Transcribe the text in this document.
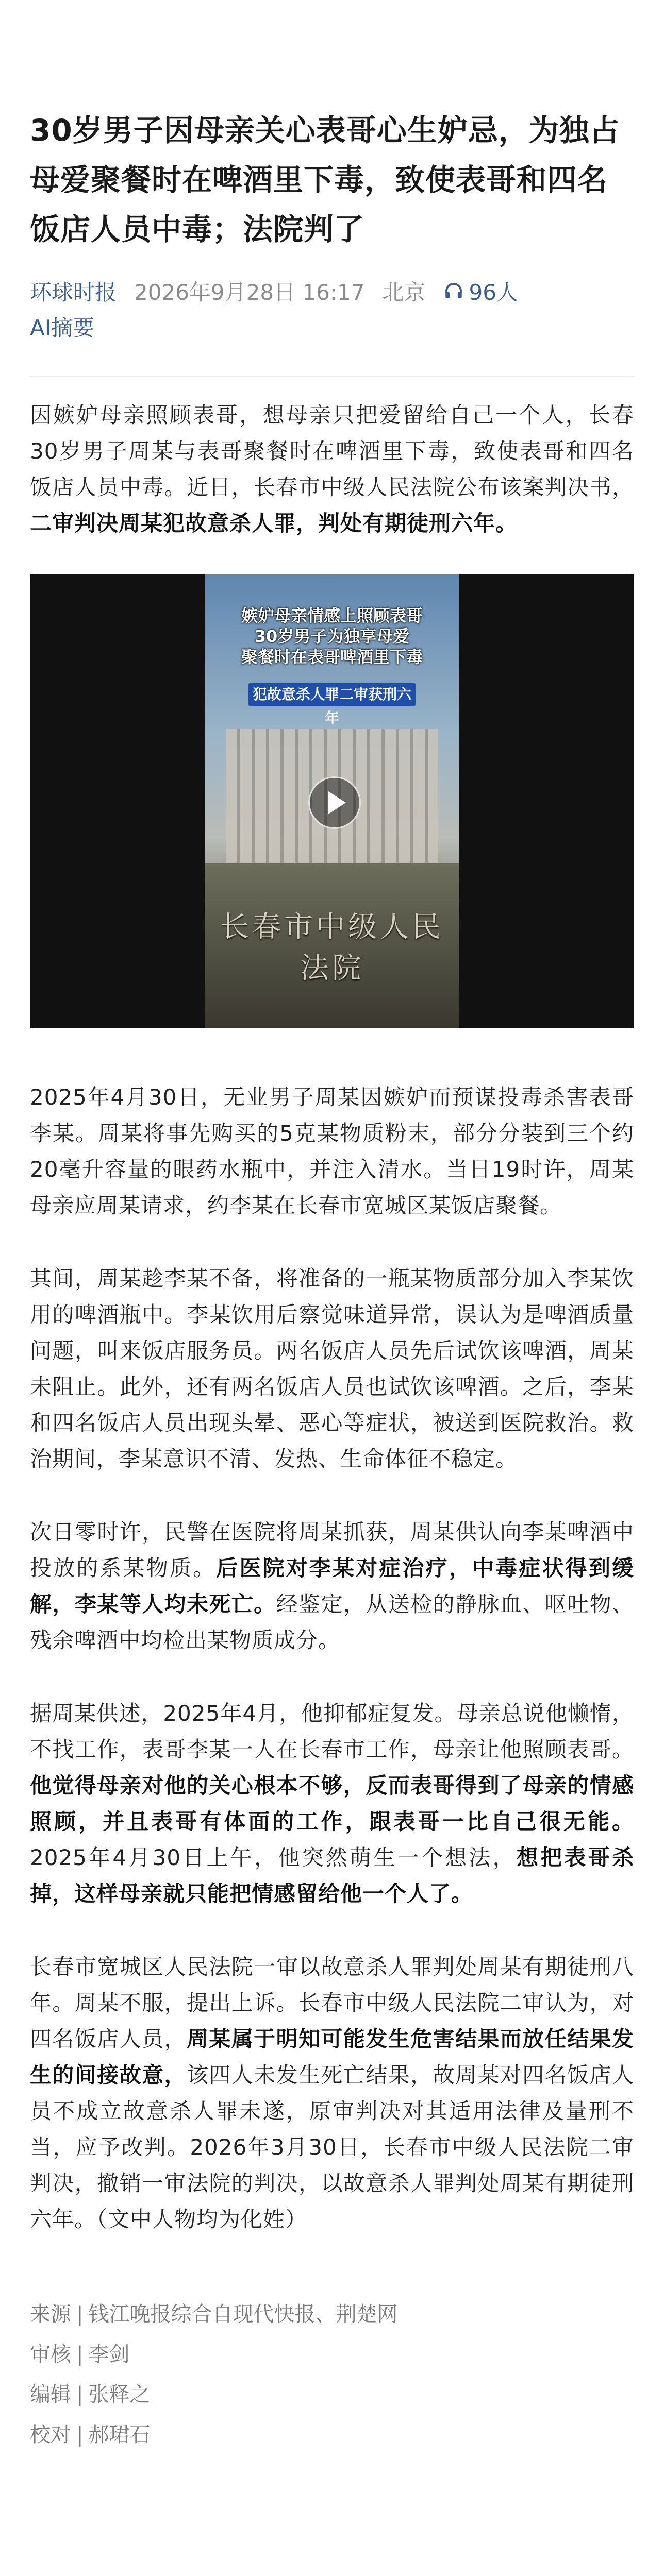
30岁男子因母亲关心表哥心生妒忌，为独占母爱聚餐时在啤酒里下毒，致使表哥和四名饭店人员中毒；法院判了
环球时报 2026年9月28日 16:17 北京 96人
AI摘要

因嫉妒母亲照顾表哥，想母亲只把爱留给自己一个人，长春30岁男子周某与表哥聚餐时在啤酒里下毒，致使表哥和四名饭店人员中毒。近日，长春市中级人民法院公布该案判决书，二审判决周某犯故意杀人罪，判处有期徒刑六年。

长春市中级人民法院
嫉妒母亲情感上照顾表哥
30岁男子为独享母爱
聚餐时在表哥啤酒里下毒
犯故意杀人罪二审获刑六年

2025年4月30日，无业男子周某因嫉妒而预谋投毒杀害表哥李某。周某将事先购买的5克某物质粉末，部分分装到三个约20毫升容量的眼药水瓶中，并注入清水。当日19时许，周某母亲应周某请求，约李某在长春市宽城区某饭店聚餐。

其间，周某趁李某不备，将准备的一瓶某物质部分加入李某饮用的啤酒瓶中。李某饮用后察觉味道异常，误认为是啤酒质量问题，叫来饭店服务员。两名饭店人员先后试饮该啤酒，周某未阻止。此外，还有两名饭店人员也试饮该啤酒。之后，李某和四名饭店人员出现头晕、恶心等症状，被送到医院救治。救治期间，李某意识不清、发热、生命体征不稳定。

次日零时许，民警在医院将周某抓获，周某供认向李某啤酒中投放的系某物质。后医院对李某对症治疗，中毒症状得到缓解，李某等人均未死亡。经鉴定，从送检的静脉血、呕吐物、残余啤酒中均检出某物质成分。

据周某供述，2025年4月，他抑郁症复发。母亲总说他懒惰，不找工作，表哥李某一人在长春市工作，母亲让他照顾表哥。他觉得母亲对他的关心根本不够，反而表哥得到了母亲的情感照顾，并且表哥有体面的工作，跟表哥一比自己很无能。2025年4月30日上午，他突然萌生一个想法，想把表哥杀掉，这样母亲就只能把情感留给他一个人了。

长春市宽城区人民法院一审以故意杀人罪判处周某有期徒刑八年。周某不服，提出上诉。长春市中级人民法院二审认为，对四名饭店人员，周某属于明知可能发生危害结果而放任结果发生的间接故意，该四人未发生死亡结果，故周某对四名饭店人员不成立故意杀人罪未遂，原审判决对其适用法律及量刑不当，应予改判。2026年3月30日，长春市中级人民法院二审判决，撤销一审法院的判决，以故意杀人罪判处周某有期徒刑六年。（文中人物均为化姓）

来源 | 钱江晚报综合自现代快报、荆楚网
审核 | 李剑
编辑 | 张释之
校对 | 郝珺石
